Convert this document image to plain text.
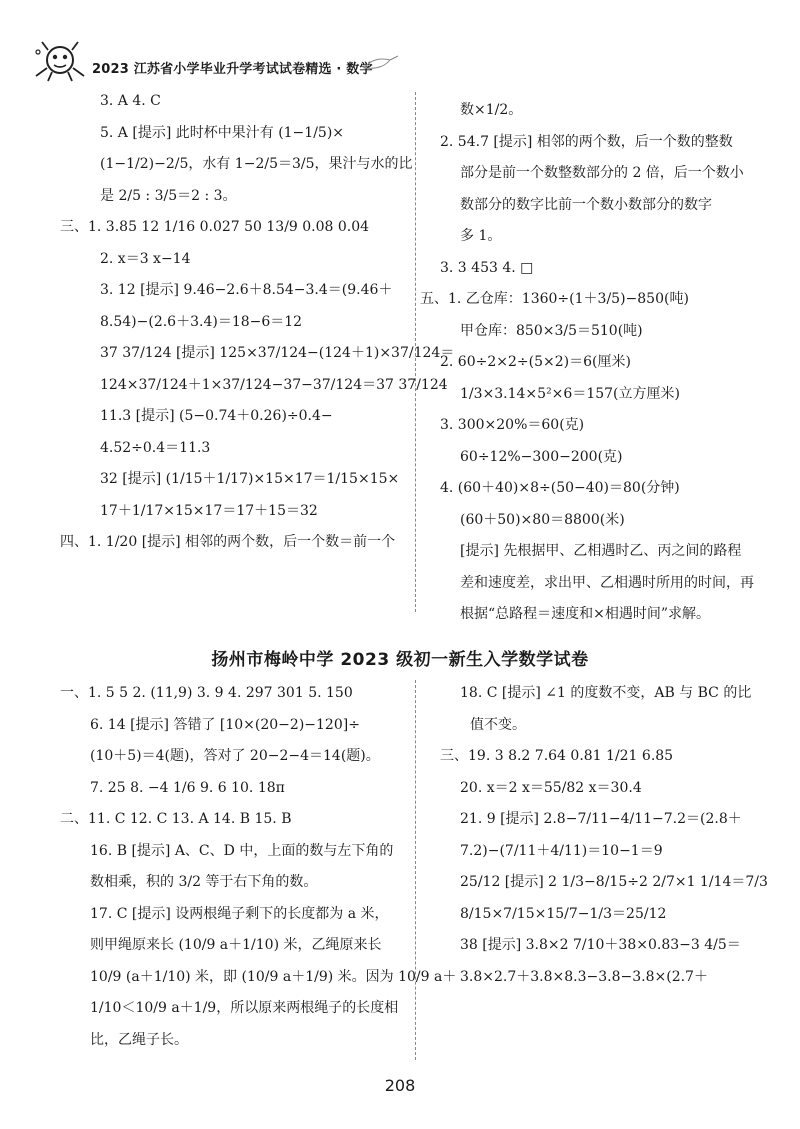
2023 江苏省小学毕业升学考试试卷精选 · 数学
3. A 4. C
5. A [提示] 此时杯中果汁有 (1−1/5)×
(1−1/2)−2/5，水有 1−2/5＝3/5，果汁与水的比
是 2/5 : 3/5＝2 : 3。
三、1. 3.85 12 1/16 0.027 50 13/9 0.08 0.04
2. x＝3 x−14
3. 12 [提示] 9.46−2.6＋8.54−3.4＝(9.46＋
8.54)−(2.6＋3.4)＝18−6＝12
37 37/124 [提示] 125×37/124−(124＋1)×37/124＝
124×37/124＋1×37/124−37−37/124＝37 37/124
11.3 [提示] (5−0.74＋0.26)÷0.4−
4.52÷0.4＝11.3
32 [提示] (1/15＋1/17)×15×17＝1/15×15×
17＋1/17×15×17＝17＋15＝32
四、1. 1/20 [提示] 相邻的两个数，后一个数＝前一个
数×1/2。
2. 54.7 [提示] 相邻的两个数，后一个数的整数
部分是前一个数整数部分的 2 倍，后一个数小
数部分的数字比前一个数小数部分的数字
多 1。
3. 3 453 4. □
五、1. 乙仓库：1360÷(1＋3/5)−850(吨)
甲仓库：850×3/5＝510(吨)
2. 60÷2×2÷(5×2)＝6(厘米)
1/3×3.14×5²×6＝157(立方厘米)
3. 300×20%＝60(克)
60÷12%−300−200(克)
4. (60＋40)×8÷(50−40)＝80(分钟)
(60＋50)×80＝8800(米)
[提示] 先根据甲、乙相遇时乙、丙之间的路程
差和速度差，求出甲、乙相遇时所用的时间，再
根据“总路程＝速度和×相遇时间”求解。
扬州市梅岭中学 2023 级初一新生入学数学试卷
一、1. 5 5 2. (11,9) 3. 9 4. 297 301 5. 150
6. 14 [提示] 答错了 [10×(20−2)−120]÷
(10＋5)＝4(题)，答对了 20−2−4＝14(题)。
7. 25 8. −4 1/6 9. 6 10. 18π
二、11. C 12. C 13. A 14. B 15. B
16. B [提示] A、C、D 中，上面的数与左下角的
数相乘，积的 3/2 等于右下角的数。
17. C [提示] 设两根绳子剩下的长度都为 a 米，
则甲绳原来长 (10/9 a＋1/10) 米，乙绳原来长
10/9 (a＋1/10) 米，即 (10/9 a＋1/9) 米。因为 10/9 a＋
1/10＜10/9 a＋1/9，所以原来两根绳子的长度相
比，乙绳子长。
18. C [提示] ∠1 的度数不变，AB 与 BC 的比
值不变。
三、19. 3 8.2 7.64 0.81 1/21 6.85
20. x＝2 x＝55/82 x＝30.4
21. 9 [提示] 2.8−7/11−4/11−7.2＝(2.8＋
7.2)−(7/11＋4/11)＝10−1＝9
25/12 [提示] 2 1/3−8/15÷2 2/7×1 1/14＝7/3
8/15×7/15×15/7−1/3＝25/12
38 [提示] 3.8×2 7/10＋38×0.83−3 4/5＝
3.8×2.7＋3.8×8.3−3.8−3.8×(2.7＋
208
